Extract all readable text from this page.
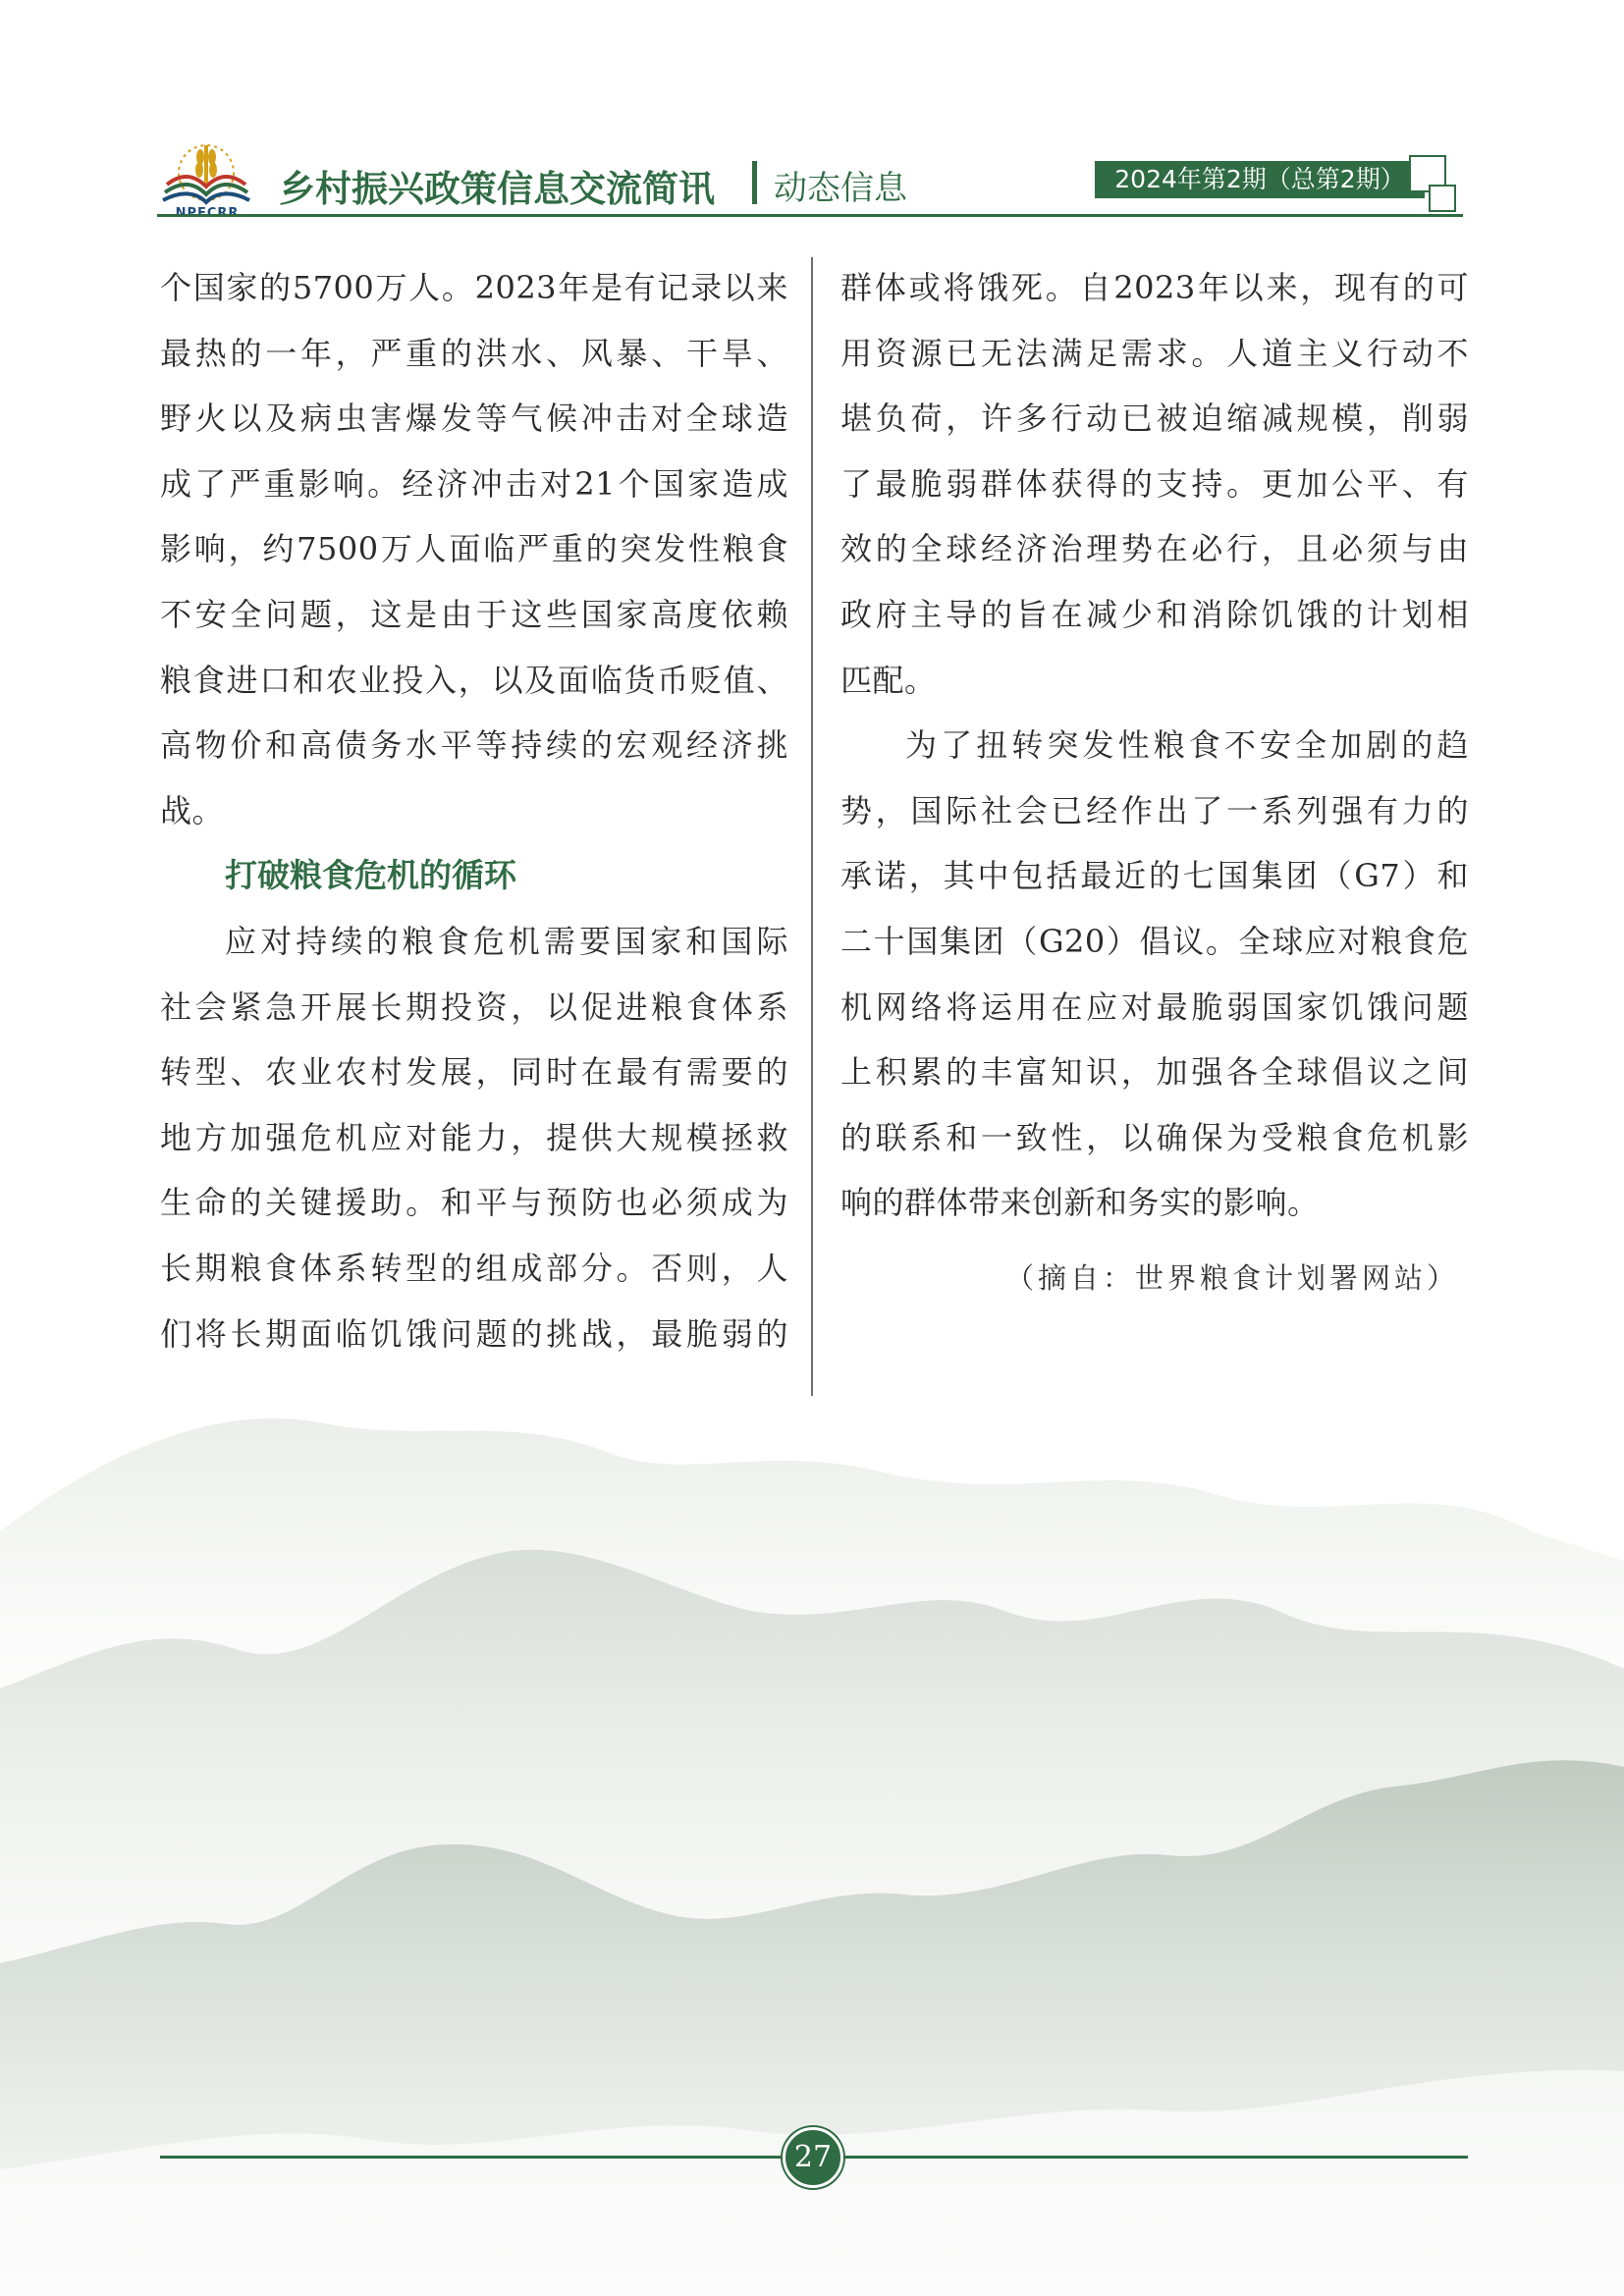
乡村振兴政策信息交流简讯 动态信息	2024年第2期（总第2期）

个国家的5700万人。2023年是有记录以来

最热的一年，严重的洪水、风暴、干旱、

野火以及病虫害爆发等气候冲击对全球造

成了严重影响。经济冲击对21个国家造成

影响，约7500万人面临严重的突发性粮食

不安全问题，这是由于这些国家高度依赖

粮食进口和农业投入，以及面临货币贬值、

高物价和高债务水平等持续的宏观经济挑

战。

打破粮食危机的循环

应对持续的粮食危机需要国家和国际

社会紧急开展长期投资，以促进粮食体系

转型、农业农村发展，同时在最有需要的

地方加强危机应对能力，提供大规模拯救

生命的关键援助。和平与预防也必须成为

长期粮食体系转型的组成部分。否则，人

们将长期面临饥饿问题的挑战，最脆弱的

群体或将饿死。自2023年以来，现有的可

用资源已无法满足需求。人道主义行动不

堪负荷，许多行动已被迫缩减规模，削弱

了最脆弱群体获得的支持。更加公平、有

效的全球经济治理势在必行，且必须与由

政府主导的旨在减少和消除饥饿的计划相

匹配。

为了扭转突发性粮食不安全加剧的趋

势，国际社会已经作出了一系列强有力的

承诺，其中包括最近的七国集团（G7）和

二十国集团（G20）倡议。全球应对粮食危

机网络将运用在应对最脆弱国家饥饿问题

上积累的丰富知识，加强各全球倡议之间

的联系和一致性，以确保为受粮食危机影

响的群体带来创新和务实的影响。

（摘自：世界粮食计划署网站）
27
